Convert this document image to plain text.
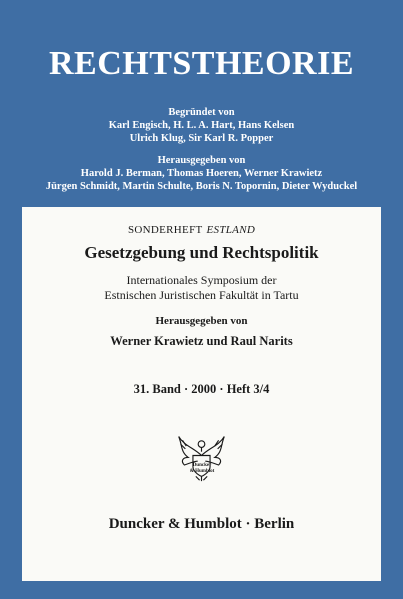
RECHTSTHEORIE
Begründet von
Karl Engisch, H. L. A. Hart, Hans Kelsen
Ulrich Klug, Sir Karl R. Popper
Herausgegeben von
Harold J. Berman, Thomas Hoeren, Werner Krawietz
Jürgen Schmidt, Martin Schulte, Boris N. Topornin, Dieter Wyduckel
SONDERHEFT ESTLAND
Gesetzgebung und Rechtspolitik
Internationales Symposium der
Estnischen Juristischen Fakultät in Tartu
Herausgegeben von
Werner Krawietz und Raul Narits
31. Band · 2000 · Heft 3/4
Duncker
& Humblot
Duncker & Humblot · Berlin
